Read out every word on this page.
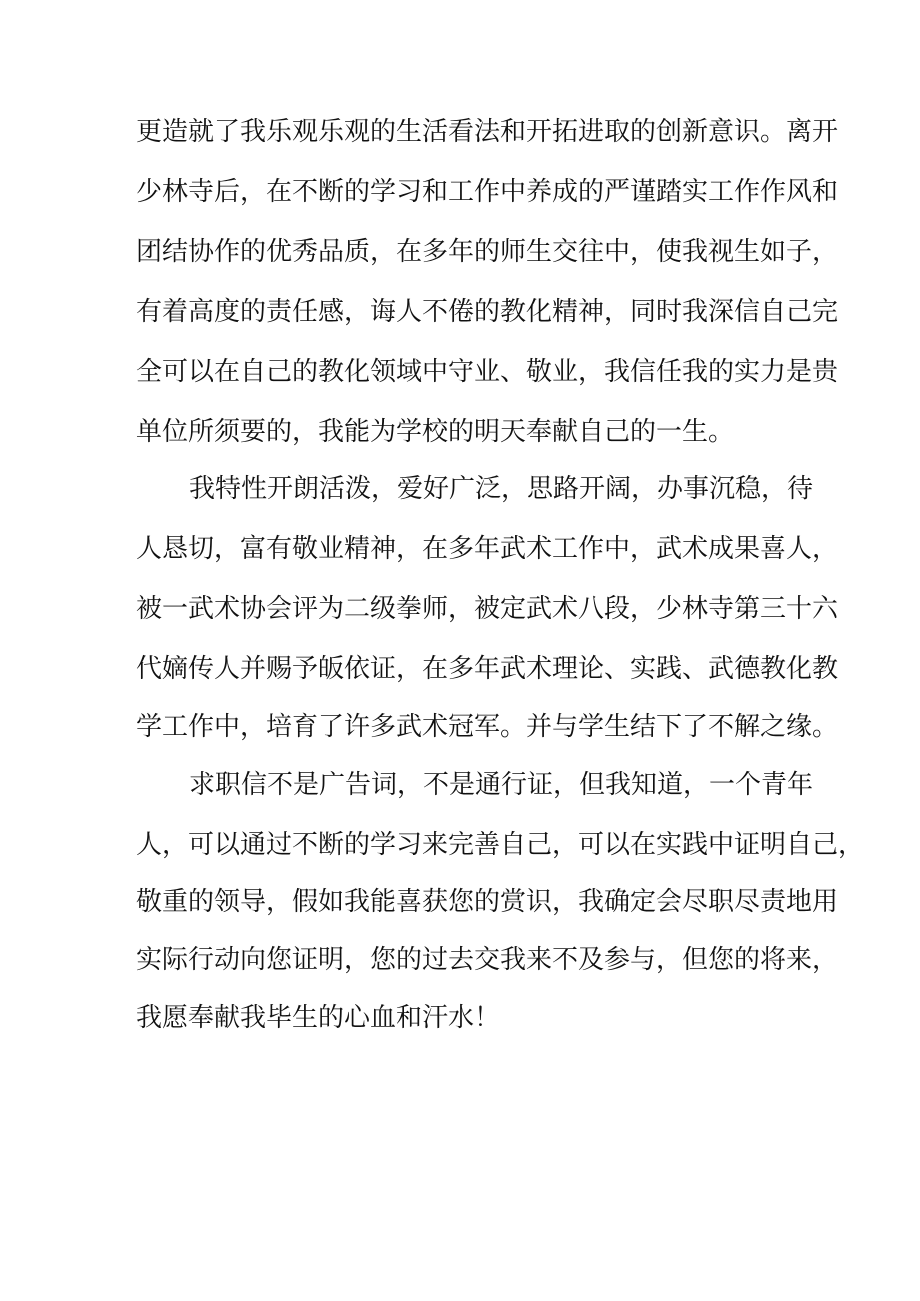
更造就了我乐观乐观的生活看法和开拓进取的创新意识。离开
少林寺后，在不断的学习和工作中养成的严谨踏实工作作风和
团结协作的优秀品质，在多年的师生交往中，使我视生如子，
有着高度的责任感，诲人不倦的教化精神，同时我深信自己完
全可以在自己的教化领域中守业、敬业，我信任我的实力是贵
单位所须要的，我能为学校的明天奉献自己的一生。
我特性开朗活泼，爱好广泛，思路开阔，办事沉稳，待
人恳切，富有敬业精神，在多年武术工作中，武术成果喜人，
被一武术协会评为二级拳师，被定武术八段，少林寺第三十六
代嫡传人并赐予皈依证，在多年武术理论、实践、武德教化教
学工作中，培育了许多武术冠军。并与学生结下了不解之缘。
求职信不是广告词，不是通行证，但我知道，一个青年
人，可以通过不断的学习来完善自己，可以在实践中证明自己，
敬重的领导，假如我能喜获您的赏识，我确定会尽职尽责地用
实际行动向您证明，您的过去交我来不及参与，但您的将来，
我愿奉献我毕生的心血和汗水！
